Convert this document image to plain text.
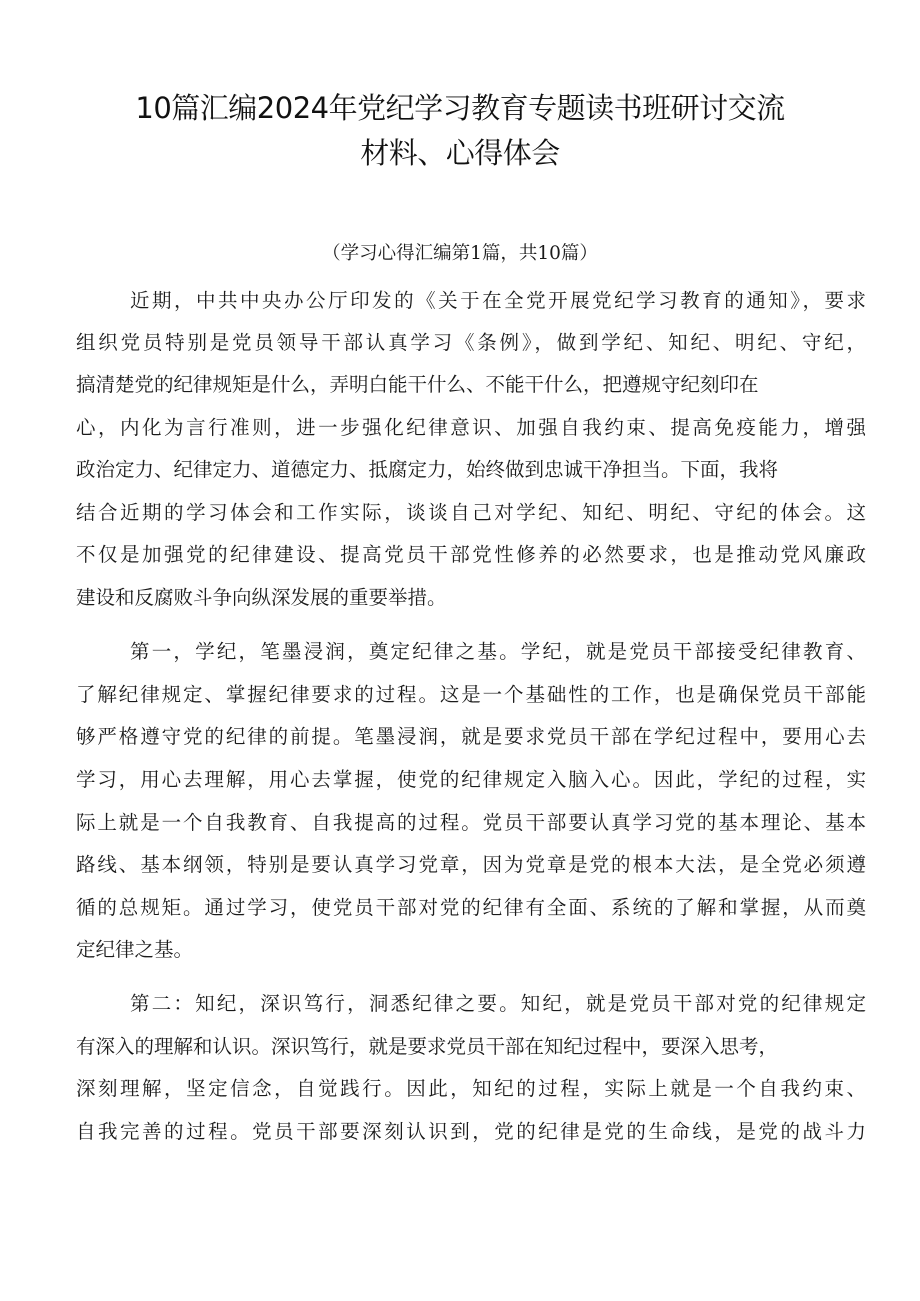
10篇汇编2024年党纪学习教育专题读书班研讨交流
材料、心得体会
（学习心得汇编第1篇，共10篇）
近期，中共中央办公厅印发的《关于在全党开展党纪学习教育的通知》，要求
组织党员特别是党员领导干部认真学习《条例》，做到学纪、知纪、明纪、守纪，
搞清楚党的纪律规矩是什么，弄明白能干什么、不能干什么，把遵规守纪刻印在
心，内化为言行准则，进一步强化纪律意识、加强自我约束、提高免疫能力，增强
政治定力、纪律定力、道德定力、抵腐定力，始终做到忠诚干净担当。下面，我将
结合近期的学习体会和工作实际，谈谈自己对学纪、知纪、明纪、守纪的体会。这
不仅是加强党的纪律建设、提高党员干部党性修养的必然要求，也是推动党风廉政
建设和反腐败斗争向纵深发展的重要举措。
第一，学纪，笔墨浸润，奠定纪律之基。学纪，就是党员干部接受纪律教育、
了解纪律规定、掌握纪律要求的过程。这是一个基础性的工作，也是确保党员干部能
够严格遵守党的纪律的前提。笔墨浸润，就是要求党员干部在学纪过程中，要用心去
学习，用心去理解，用心去掌握，使党的纪律规定入脑入心。因此，学纪的过程，实
际上就是一个自我教育、自我提高的过程。党员干部要认真学习党的基本理论、基本
路线、基本纲领，特别是要认真学习党章，因为党章是党的根本大法，是全党必须遵
循的总规矩。通过学习，使党员干部对党的纪律有全面、系统的了解和掌握，从而奠
定纪律之基。
第二：知纪，深识笃行，洞悉纪律之要。知纪，就是党员干部对党的纪律规定
有深入的理解和认识。深识笃行，就是要求党员干部在知纪过程中，要深入思考，
深刻理解，坚定信念，自觉践行。因此，知纪的过程，实际上就是一个自我约束、
自我完善的过程。党员干部要深刻认识到，党的纪律是党的生命线，是党的战斗力
